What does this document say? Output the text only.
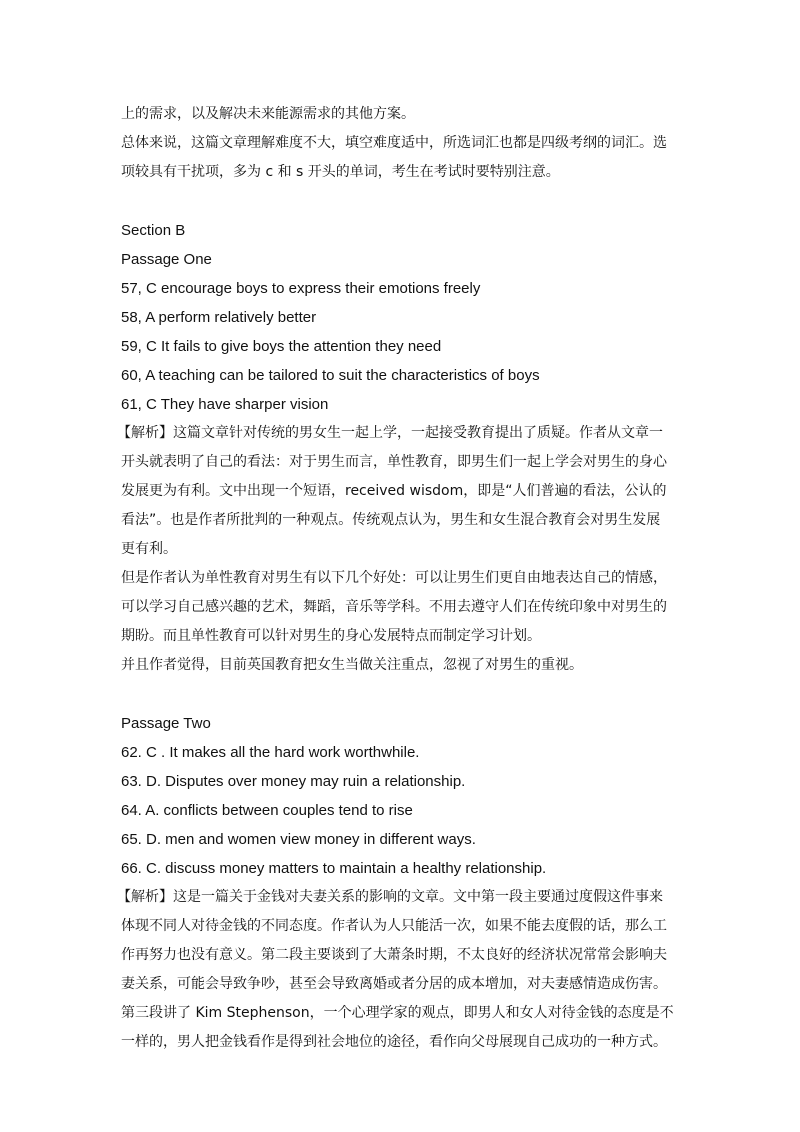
上的需求，以及解决未来能源需求的其他方案。

总体来说，这篇文章理解难度不大，填空难度适中，所选词汇也都是四级考纲的词汇。选

项较具有干扰项，多为 c 和 s 开头的单词，考生在考试时要特别注意。

Section B

Passage One

57, C encourage boys to express their emotions freely

58, A perform relatively better

59, C It fails to give boys the attention they need

60, A teaching can be tailored to suit the characteristics of boys

61, C They have sharper vision

【解析】这篇文章针对传统的男女生一起上学，一起接受教育提出了质疑。作者从文章一

开头就表明了自己的看法：对于男生而言，单性教育，即男生们一起上学会对男生的身心

发展更为有利。文中出现一个短语，received wisdom，即是“人们普遍的看法，公认的

看法”。也是作者所批判的一种观点。传统观点认为，男生和女生混合教育会对男生发展

更有利。

但是作者认为单性教育对男生有以下几个好处：可以让男生们更自由地表达自己的情感，

可以学习自己感兴趣的艺术，舞蹈，音乐等学科。不用去遵守人们在传统印象中对男生的

期盼。而且单性教育可以针对男生的身心发展特点而制定学习计划。

并且作者觉得，目前英国教育把女生当做关注重点，忽视了对男生的重视。

Passage Two

62. C . It makes all the hard work worthwhile.

63. D. Disputes over money may ruin a relationship.

64. A. conflicts between couples tend to rise

65. D. men and women view money in different ways.

66. C. discuss money matters to maintain a healthy relationship.

【解析】这是一篇关于金钱对夫妻关系的影响的文章。文中第一段主要通过度假这件事来

体现不同人对待金钱的不同态度。作者认为人只能活一次，如果不能去度假的话，那么工

作再努力也没有意义。第二段主要谈到了大萧条时期，不太良好的经济状况常常会影响夫

妻关系，可能会导致争吵，甚至会导致离婚或者分居的成本增加，对夫妻感情造成伤害。

第三段讲了 Kim Stephenson，一个心理学家的观点，即男人和女人对待金钱的态度是不

一样的，男人把金钱看作是得到社会地位的途径，看作向父母展现自己成功的一种方式。
